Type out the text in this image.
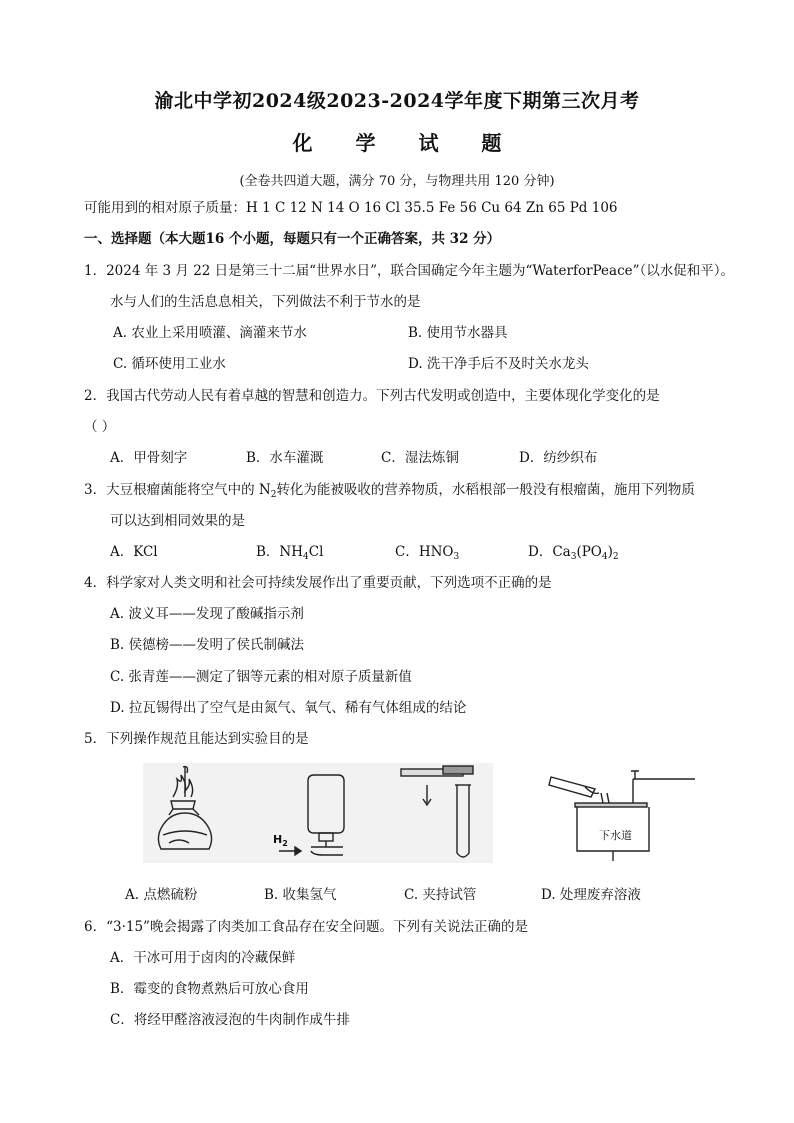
渝北中学初2024级2023-2024学年度下期第三次月考
化 学 试 题
(全卷共四道大题，满分 70 分，与物理共用 120 分钟)
可能用到的相对原子质量：H 1 C 12 N 14 O 16 Cl 35.5 Fe 56 Cu 64 Zn 65 Pd 106
一、选择题（本大题16 个小题，每题只有一个正确答案，共 32 分）
1．2024 年 3 月 22 日是第三十二届“世界水日”，联合国确定今年主题为“WaterforPeace”（以水促和平）。
水与人们的生活息息相关，下列做法不利于节水的是
A. 农业上采用喷灌、滴灌来节水	B. 使用节水器具
C. 循环使用工业水	D. 洗干净手后不及时关水龙头
2．我国古代劳动人民有着卓越的智慧和创造力。下列古代发明或创造中，主要体现化学变化的是
（ ）
A．甲骨刻字	B．水车灌溉	C．湿法炼铜	D．纺纱织布
3．大豆根瘤菌能将空气中的 $N_2$转化为能被吸收的营养物质，水稻根部一般没有根瘤菌，施用下列物质
可以达到相同效果的是
A．KCl	B．$NH_4Cl$	C．$HNO_3$	D．$Ca_3(PO_4)_2$
4．科学家对人类文明和社会可持续发展作出了重要贡献，下列选项不正确的是
A. 波义耳——发现了酸碱指示剂
B. 侯德榜——发明了侯氏制碱法
C. 张青莲——测定了铟等元素的相对原子质量新值
D. 拉瓦锡得出了空气是由氮气、氧气、稀有气体组成的结论
5．下列操作规范且能达到实验目的是
$H_2$
下水道
A. 点燃硫粉	B. 收集氢气	C. 夹持试管	D. 处理废弃溶液
6．“3·15”晚会揭露了肉类加工食品存在安全问题。下列有关说法正确的是
A．干冰可用于卤肉的冷藏保鲜
B．霉变的食物煮熟后可放心食用
C．将经甲醛溶液浸泡的牛肉制作成牛排
